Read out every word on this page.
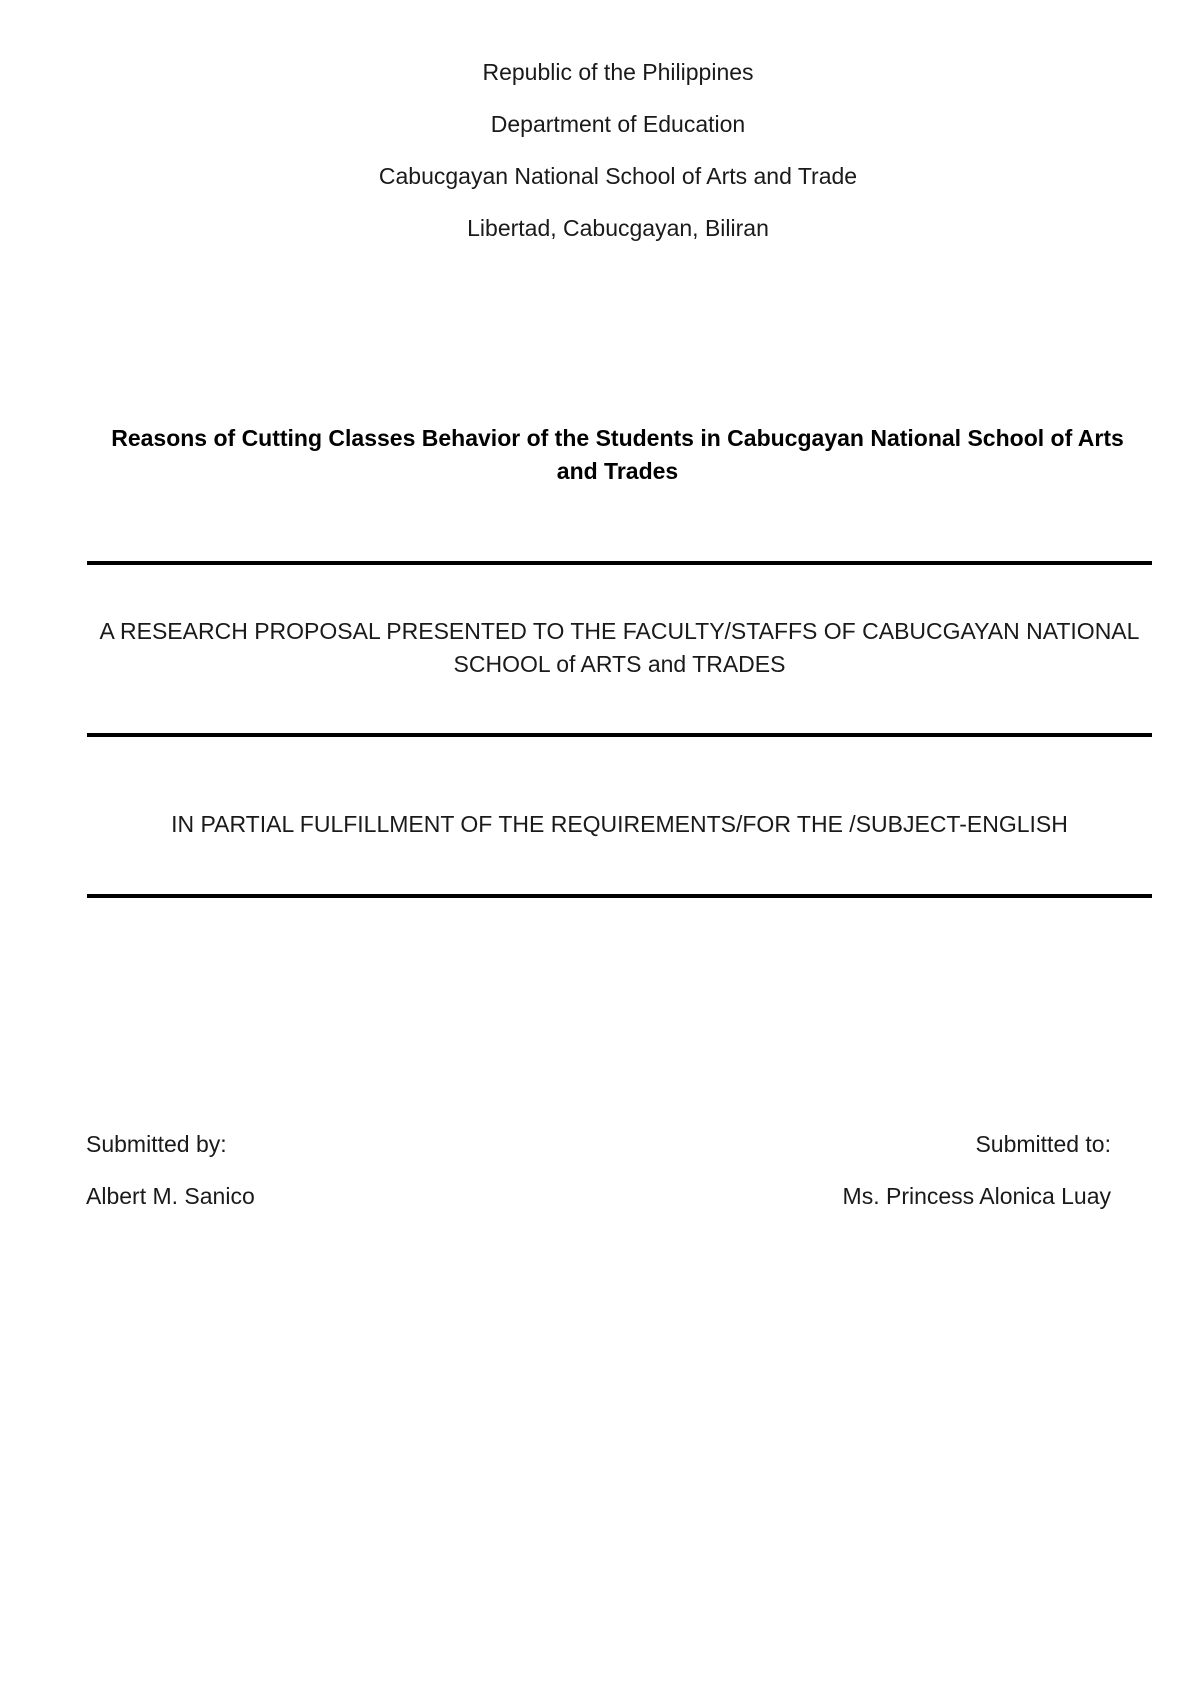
Republic of the Philippines
Department of Education
Cabucgayan National School of Arts and Trade
Libertad, Cabucgayan, Biliran
Reasons of Cutting Classes Behavior of the Students in Cabucgayan National School of Arts and Trades
A RESEARCH PROPOSAL PRESENTED TO THE FACULTY/STAFFS OF CABUCGAYAN NATIONAL SCHOOL of ARTS and TRADES
IN PARTIAL FULFILLMENT OF THE REQUIREMENTS/FOR THE /SUBJECT-ENGLISH
Submitted by:
Albert M. Sanico
Submitted to:
Ms. Princess Alonica Luay
